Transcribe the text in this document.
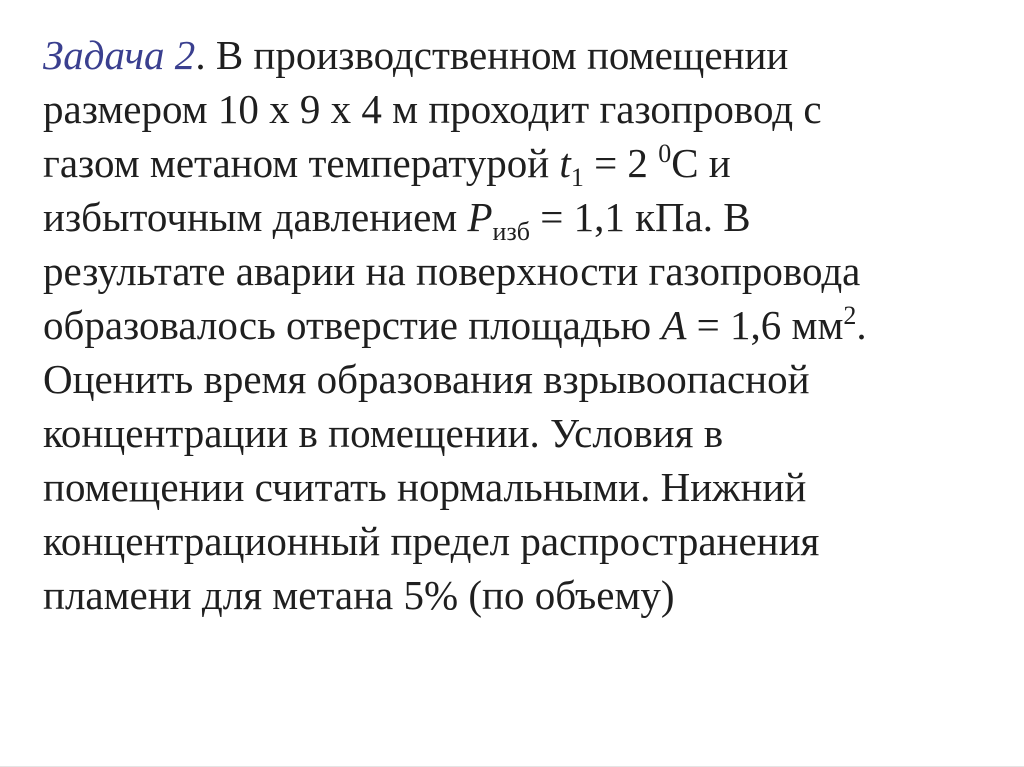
Задача 2. В производственном помещении
размером 10 х 9 х 4 м проходит газопровод с
газом метаном температурой $t_1 = 2$ $^0$С и
избыточным давлением $P_{изб} = 1,1$ кПа. В
результате аварии на поверхности газопровода
образовалось отверстие площадью A = 1,6 $мм^2$.
Оценить время образования взрывоопасной
концентрации в помещении. Условия в
помещении считать нормальными. Нижний
концентрационный предел распространения
пламени для метана 5% (по объему)
